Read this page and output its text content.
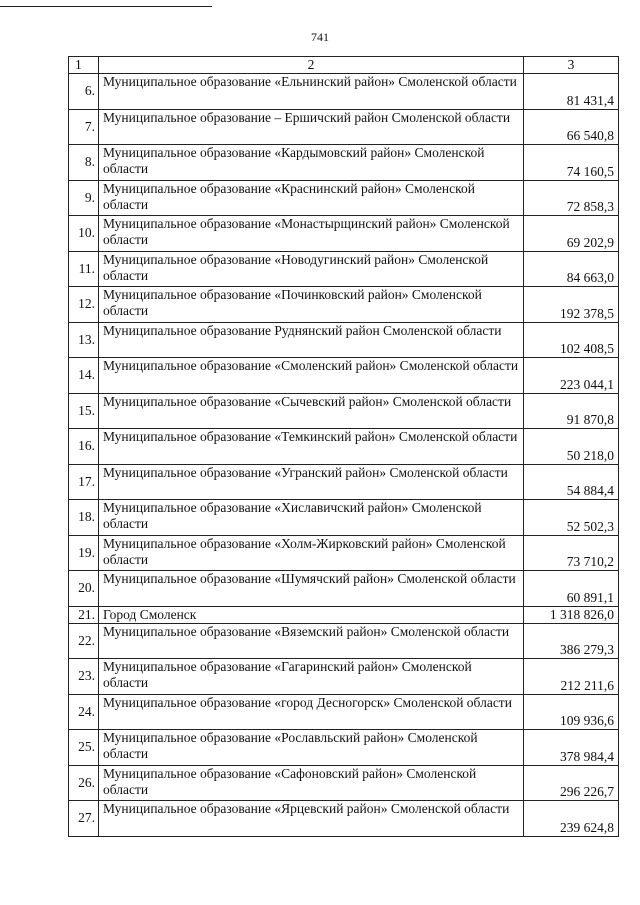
741
1	2	3
6.	Муниципальное образование «Ельнинский район» Смоленской области	81 431,4
7.	Муниципальное образование – Ершичский район Смоленской области	66 540,8
8.	Муниципальное образование «Кардымовский район» Смоленской области	74 160,5
9.	Муниципальное образование «Краснинский район» Смоленской области	72 858,3
10.	Муниципальное образование «Монастырщинский район» Смоленской области	69 202,9
11.	Муниципальное образование «Новодугинский район» Смоленской области	84 663,0
12.	Муниципальное образование «Починковский район» Смоленской области	192 378,5
13.	Муниципальное образование Руднянский район Смоленской области	102 408,5
14.	Муниципальное образование «Смоленский район» Смоленской области	223 044,1
15.	Муниципальное образование «Сычевский район» Смоленской области	91 870,8
16.	Муниципальное образование «Темкинский район» Смоленской области	50 218,0
17.	Муниципальное образование «Угранский район» Смоленской области	54 884,4
18.	Муниципальное образование «Хиславичский район» Смоленской области	52 502,3
19.	Муниципальное образование «Холм-Жирковский район» Смоленской области	73 710,2
20.	Муниципальное образование «Шумячский район» Смоленской области	60 891,1
21.	Город Смоленск	1 318 826,0
22.	Муниципальное образование «Вяземский район» Смоленской области	386 279,3
23.	Муниципальное образование «Гагаринский район» Смоленской области	212 211,6
24.	Муниципальное образование «город Десногорск» Смоленской области	109 936,6
25.	Муниципальное образование «Рославльский район» Смоленской области	378 984,4
26.	Муниципальное образование «Сафоновский район» Смоленской области	296 226,7
27.	Муниципальное образование «Ярцевский район» Смоленской области	239 624,8
